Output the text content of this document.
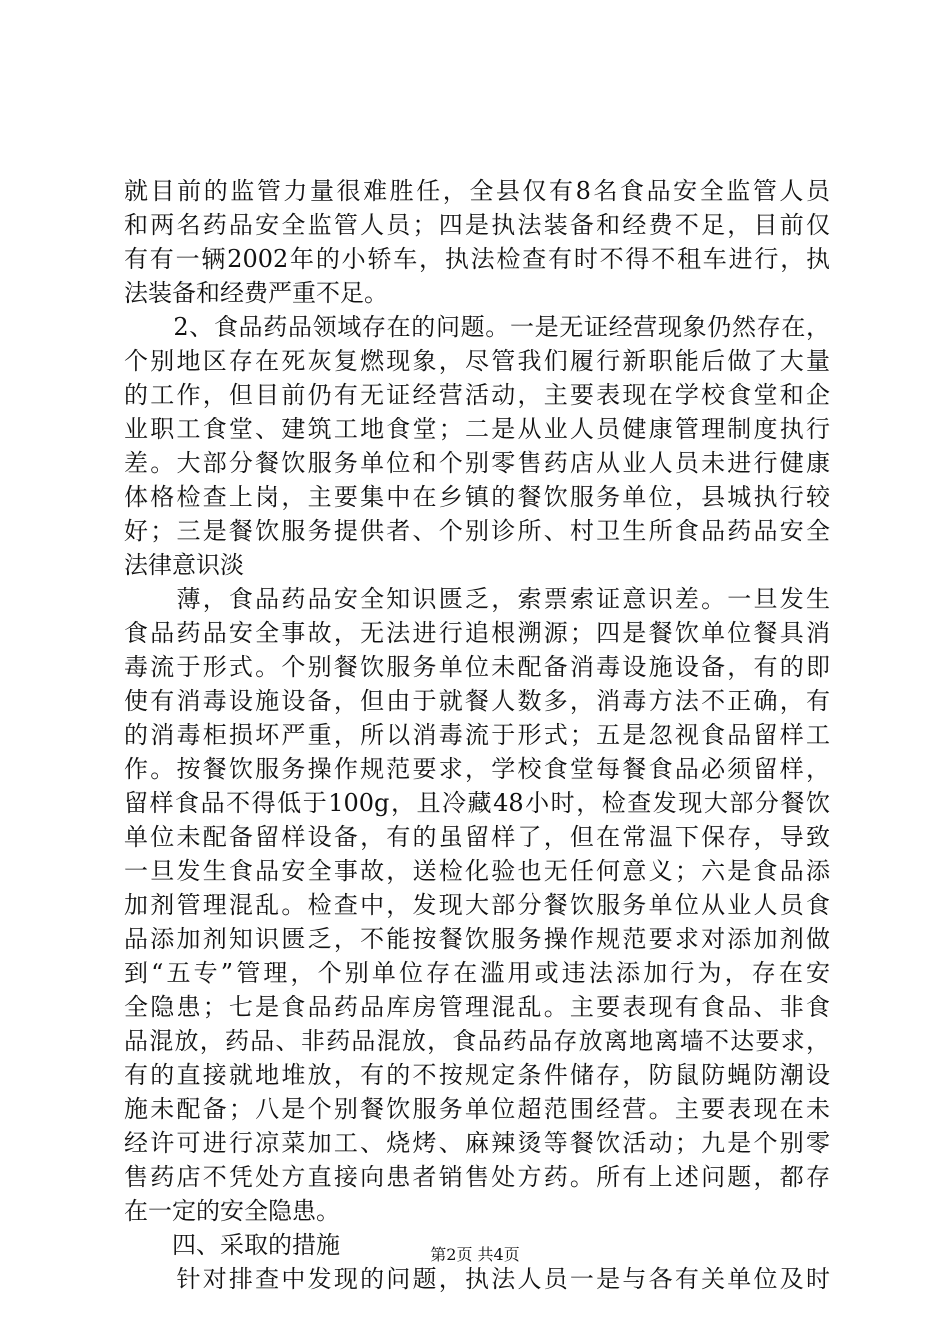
就目前的监管力量很难胜任，全县仅有8名食品安全监管人员
和两名药品安全监管人员；四是执法装备和经费不足，目前仅
有有一辆2002年的小轿车，执法检查有时不得不租车进行，执
法装备和经费严重不足。
　　2、食品药品领域存在的问题。一是无证经营现象仍然存在，
个别地区存在死灰复燃现象，尽管我们履行新职能后做了大量
的工作，但目前仍有无证经营活动，主要表现在学校食堂和企
业职工食堂、建筑工地食堂；二是从业人员健康管理制度执行
差。大部分餐饮服务单位和个别零售药店从业人员未进行健康
体格检查上岗，主要集中在乡镇的餐饮服务单位，县城执行较
好；三是餐饮服务提供者、个别诊所、村卫生所食品药品安全
法律意识淡
　　薄，食品药品安全知识匮乏，索票索证意识差。一旦发生
食品药品安全事故，无法进行追根溯源；四是餐饮单位餐具消
毒流于形式。个别餐饮服务单位未配备消毒设施设备，有的即
使有消毒设施设备，但由于就餐人数多，消毒方法不正确，有
的消毒柜损坏严重，所以消毒流于形式；五是忽视食品留样工
作。按餐饮服务操作规范要求，学校食堂每餐食品必须留样，
留样食品不得低于100g，且冷藏48小时，检查发现大部分餐饮
单位未配备留样设备，有的虽留样了，但在常温下保存，导致
一旦发生食品安全事故，送检化验也无任何意义；六是食品添
加剂管理混乱。检查中，发现大部分餐饮服务单位从业人员食
品添加剂知识匮乏，不能按餐饮服务操作规范要求对添加剂做
到“五专”管理，个别单位存在滥用或违法添加行为，存在安
全隐患；七是食品药品库房管理混乱。主要表现有食品、非食
品混放，药品、非药品混放，食品药品存放离地离墙不达要求，
有的直接就地堆放，有的不按规定条件储存，防鼠防蝇防潮设
施未配备；八是个别餐饮服务单位超范围经营。主要表现在未
经许可进行凉菜加工、烧烤、麻辣烫等餐饮活动；九是个别零
售药店不凭处方直接向患者销售处方药。所有上述问题，都存
在一定的安全隐患。
　　四、采取的措施
　　针对排查中发现的问题，执法人员一是与各有关单位及时
第2页 共4页
